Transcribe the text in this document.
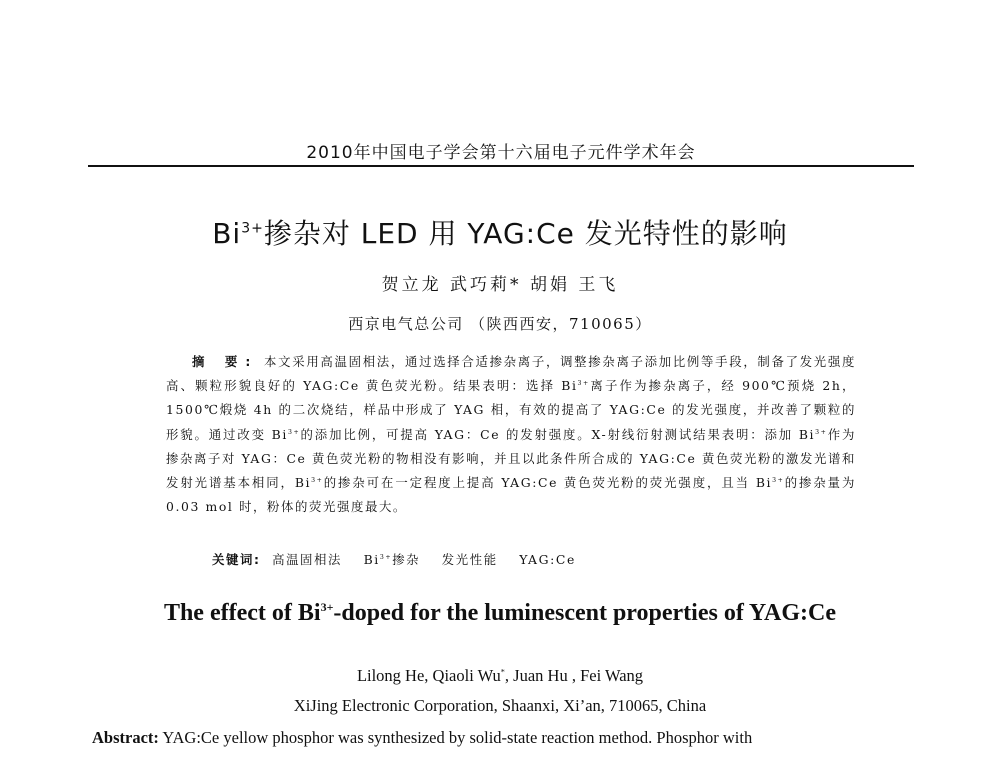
2010年中国电子学会第十六届电子元件学术年会
$Bi^{3+}$掺杂对 LED 用 YAG:Ce 发光特性的影响
贺立龙 武巧莉* 胡娟 王飞
西京电气总公司 （陕西西安，710065）
摘 要: 本文采用高温固相法，通过选择合适掺杂离子，调整掺杂离子添加比例等手段，制备了发光强度高、颗粒形貌良好的 YAG:Ce 黄色荧光粉。结果表明：选择 $Bi^{3+}$离子作为掺杂离子，经 900℃预烧 2h，1500℃煅烧 4h 的二次烧结，样品中形成了 YAG 相，有效的提高了 YAG:Ce 的发光强度，并改善了颗粒的形貌。通过改变 $Bi^{3+}$的添加比例，可提高 YAG：Ce 的发射强度。X-射线衍射测试结果表明：添加 $Bi^{3+}$作为掺杂离子对 YAG：Ce 黄色荧光粉的物相没有影响，并且以此条件所合成的 YAG:Ce 黄色荧光粉的激发光谱和发射光谱基本相同，$Bi^{3+}$的掺杂可在一定程度上提高 YAG:Ce 黄色荧光粉的荧光强度，且当 $Bi^{3+}$的掺杂量为 0.03 mol 时，粉体的荧光强度最大。
关键词: 高温固相法 $Bi^{3+}$掺杂 发光性能 YAG:Ce
The effect of $Bi^{3+}$-doped for the luminescent properties of YAG:Ce
Lilong He, Qiaoli Wu*, Juan Hu , Fei Wang
XiJing Electronic Corporation, Shaanxi, Xi’an, 710065, China
Abstract: YAG:Ce yellow phosphor was synthesized by solid-state reaction method. Phosphor with
